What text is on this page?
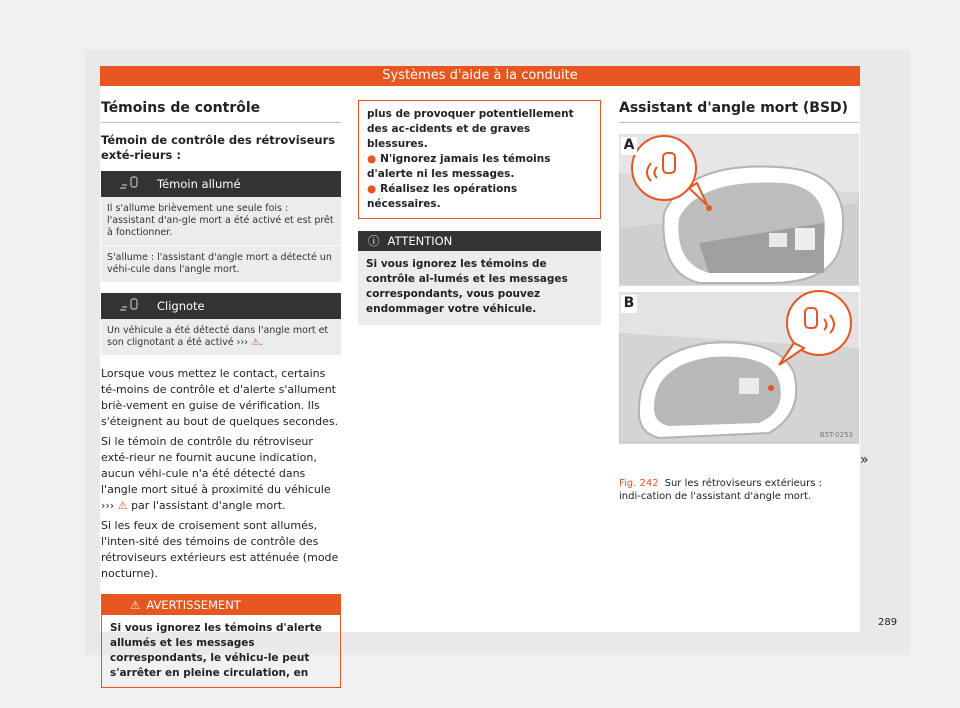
Systèmes d'aide à la conduite
Témoins de contrôle
Témoin de contrôle des rétroviseurs exté-rieurs :
Témoin allumé
Il s'allume brièvement une seule fois : l'assistant d'an-gle mort a été activé et est prêt à fonctionner.
S'allume : l'assistant d'angle mort a détecté un véhi-cule dans l'angle mort.
Clignote
Un véhicule a été détecté dans l'angle mort et son clignotant a été activé ››› ⚠.

Lorsque vous mettez le contact, certains té-moins de contrôle et d'alerte s'allument briè-vement en guise de vérification. Ils s'éteignent au bout de quelques secondes.

Si le témoin de contrôle du rétroviseur exté-rieur ne fournit aucune indication, aucun véhi-cule n'a été détecté dans l'angle mort situé à proximité du véhicule ››› ⚠ par l'assistant d'angle mort.

Si les feux de croisement sont allumés, l'inten-sité des témoins de contrôle des rétroviseurs extérieurs est atténuée (mode nocturne).

⚠ AVERTISSEMENT
Si vous ignorez les témoins d'alerte allumés et les messages correspondants, le véhicu-le peut s'arrêter en pleine circulation, en

plus de provoquer potentiellement des ac-cidents et de graves blessures.

● N'ignorez jamais les témoins d'alerte ni les messages.

● Réalisez les opérations nécessaires.

ⓘ ATTENTION
Si vous ignorez les témoins de contrôle al-lumés et les messages correspondants, vous pouvez endommager votre véhicule.
Assistant d'angle mort (BSD)
A
B
B5T-0253
Fig. 242 Sur les rétroviseurs extérieurs : indi-cation de l'assistant d'angle mort.
»
289
